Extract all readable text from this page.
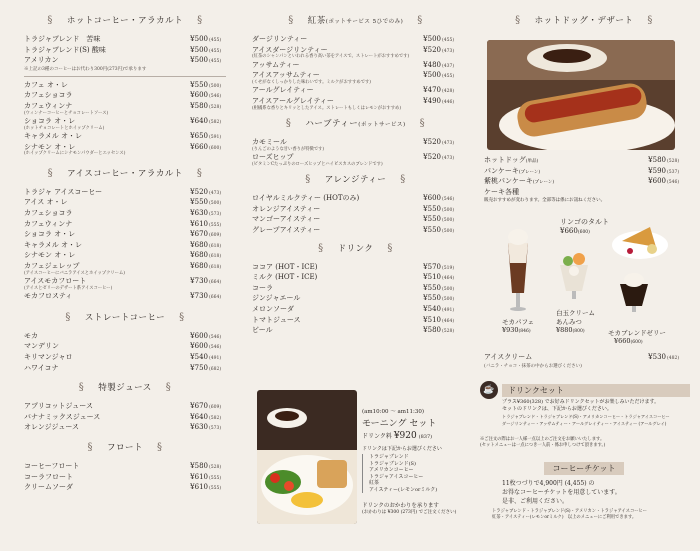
§ ホットコーヒー・アラカルト §
トラジャブレンド　苦味	¥500 (455)
トラジャブレンド(S) 酸味	¥500 (455)
アメリカン	¥500 (455)
※上記の3種のコーヒーはお代わり300円(273円)で承ります
カフェ オ・レ	¥550 (500)
カフェショコラ	¥600 (546)
カフェウィンナ	¥580 (528)
(ウィンナーコーヒーとチョコレートソース)
ショコラ オ・レ	¥640 (582)
(ホットチョコレートとホイップクリーム)
キャラメル オ・レ	¥650 (591)
シナモン オ・レ	¥660 (600)
(ホイップクリームにシナモンパウダーとエッセンス)
§ アイスコーヒー・アラカルト §
トラジャ アイスコーヒー	¥520 (473)
アイス オ・レ	¥550 (500)
カフェショコラ	¥630 (573)
カフェウィンナ	¥610 (555)
ショコラ オ・レ	¥670 (609)
キャラメル オ・レ	¥680 (618)
シナモン オ・レ	¥680 (618)
カフェジェレップ	¥680 (618)
(アイスコーヒーにバニラアイスとホイップクリーム)
アイスモカフロート	¥730 (664)
(アイスとゼリーのデザート系アイスコーヒー)
モカフロスティ	¥730 (664)
§ ストレートコーヒー §
モカ	¥600 (546)
マンデリン	¥600 (546)
キリマンジャロ	¥540 (491)
ハワイコナ	¥750 (682)
§ 特製ジュース §
アプリコットジュース	¥670 (609)
バナナミックスジュース	¥640 (582)
オレンジジュース	¥630 (573)
§ フロート §
コーヒーフロート	¥580 (528)
コーラフロート	¥610 (555)
クリームソーダ	¥610 (555)
§ 紅茶(ポットサービス 5ひでのみ) §
ダージリンティー	¥500 (455)
アイスダージリンティー	¥520 (473)
(紅茶のシャンパンといわれる香り高い茶をアイスで。ストレートがおすすめです)
アッサムティー	¥480 (437)
アイスアッサムティー	¥500 (455)
(くせがなくしっかりした味わいです。ミルクがおすすめです)
アールグレイティー	¥470 (428)
アイスアールグレイティー	¥490 (446)
(柑橘系な香りとキリッとしたアイス。ストレートもしくはレモンがおすすめ)
§ ハーブティー(ポットサービス) §
カモミール	¥520 (473)
(りんごのような甘い香りが特徴です)
ローズヒップ	¥520 (473)
(ビタミンCたっぷりのローズヒップとハイビスカスのブレンドです)
§ アレンジティー §
ロイヤルミルクティー (HOTのみ)	¥600 (546)
オレンジアイスティー	¥550 (500)
マンゴーアイスティー	¥550 (500)
グレープアイスティー	¥550 (500)
§ ドリンク §
ココア (HOT・ICE)	¥570 (519)
ミルク (HOT・ICE)	¥510 (464)
コーラ	¥550 (500)
ジンジャエール	¥550 (500)
メロンソーダ	¥540 (491)
トマトジュース	¥510 (464)
ビール	¥580 (528)
(am10:00 〜 am11:30)
モーニング セット
ドリンク料 ¥920 (837)
ドリンクは下記からお選びください
トラジャブレンド
トラジャブレンド(S)
アメリカンコーヒー
トラジャアイスコーヒー
紅茶
アイスティー(レモンorミルク)
ドリンクのおかわりを承ります
(おかわりは ¥300 (273円) でご注文ください)
§ ホットドッグ・デザート §
ホットドッグ(単品)	¥580 (528)
パンケーキ(プレーン)	¥590 (537)
紫桃パンケーキ(プレーン)	¥600 (546)
ケーキ各種
販売おすすめが変わります。全部等は係にお訊ねください。
リンゴのタルト
¥660(600)
モカパフェ
¥930(846)
白玉クリーム
あんみつ
¥880(800)	モカブレンドゼリー
¥660(600)
アイスクリーム	¥530 (482)
(バニラ・チョコ・抹茶の中からお選びください)
☕	ドリンクセット
プラス¥360(328) でお好みドリンクセットがお楽しみいただけます。
セットのドリンクは、下記からお選びください。
トラジャブレンド・トラジャブレンド(S)・アメリカンコーヒー・トラジャアイスコーヒー
ダージリンティー・アッサムティー・アールグレイティー・アイスティー (アールグレイ)
※ご注文の際はお一人様一点以上のご注文をお願いいたします。
(セットメニューは一点につき一人前・係お申しつけて頂きます。)
コーヒーチケット
11枚つづりで4,900円 (4,455) の
お得なコーヒーチケットを用意しています。
是非、ご利用ください。
トラジャブレンド・トラジャブレンド(S)・アメリカン・トラジャアイスコーヒー
紅茶・アイスティー(レモンorミルク)　以上のメニューにご利用できます。
